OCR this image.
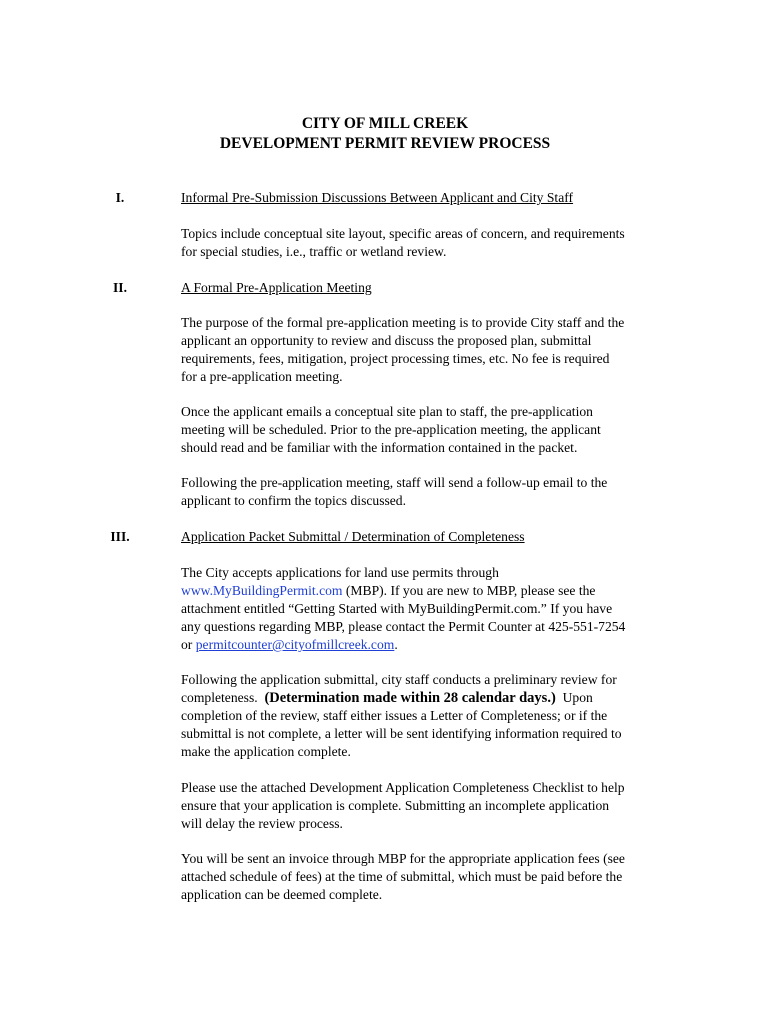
CITY OF MILL CREEK
DEVELOPMENT PERMIT REVIEW PROCESS
I.	Informal Pre-Submission Discussions Between Applicant and City Staff
Topics include conceptual site layout, specific areas of concern, and requirements
for special studies, i.e., traffic or wetland review.
II.	A Formal Pre-Application Meeting
The purpose of the formal pre-application meeting is to provide City staff and the
applicant an opportunity to review and discuss the proposed plan, submittal
requirements, fees, mitigation, project processing times, etc. No fee is required
for a pre-application meeting.
Once the applicant emails a conceptual site plan to staff, the pre-application
meeting will be scheduled. Prior to the pre-application meeting, the applicant
should read and be familiar with the information contained in the packet.
Following the pre-application meeting, staff will send a follow-up email to the
applicant to confirm the topics discussed.
III.	Application Packet Submittal / Determination of Completeness
The City accepts applications for land use permits through
www.MyBuildingPermit.com (MBP). If you are new to MBP, please see the
attachment entitled “Getting Started with MyBuildingPermit.com.” If you have
any questions regarding MBP, please contact the Permit Counter at 425-551-7254
or permitcounter@cityofmillcreek.com.
Following the application submittal, city staff conducts a preliminary review for
completeness.  (Determination made within 28 calendar days.)  Upon
completion of the review, staff either issues a Letter of Completeness; or if the
submittal is not complete, a letter will be sent identifying information required to
make the application complete.
Please use the attached Development Application Completeness Checklist to help
ensure that your application is complete. Submitting an incomplete application
will delay the review process.
You will be sent an invoice through MBP for the appropriate application fees (see
attached schedule of fees) at the time of submittal, which must be paid before the
application can be deemed complete.
